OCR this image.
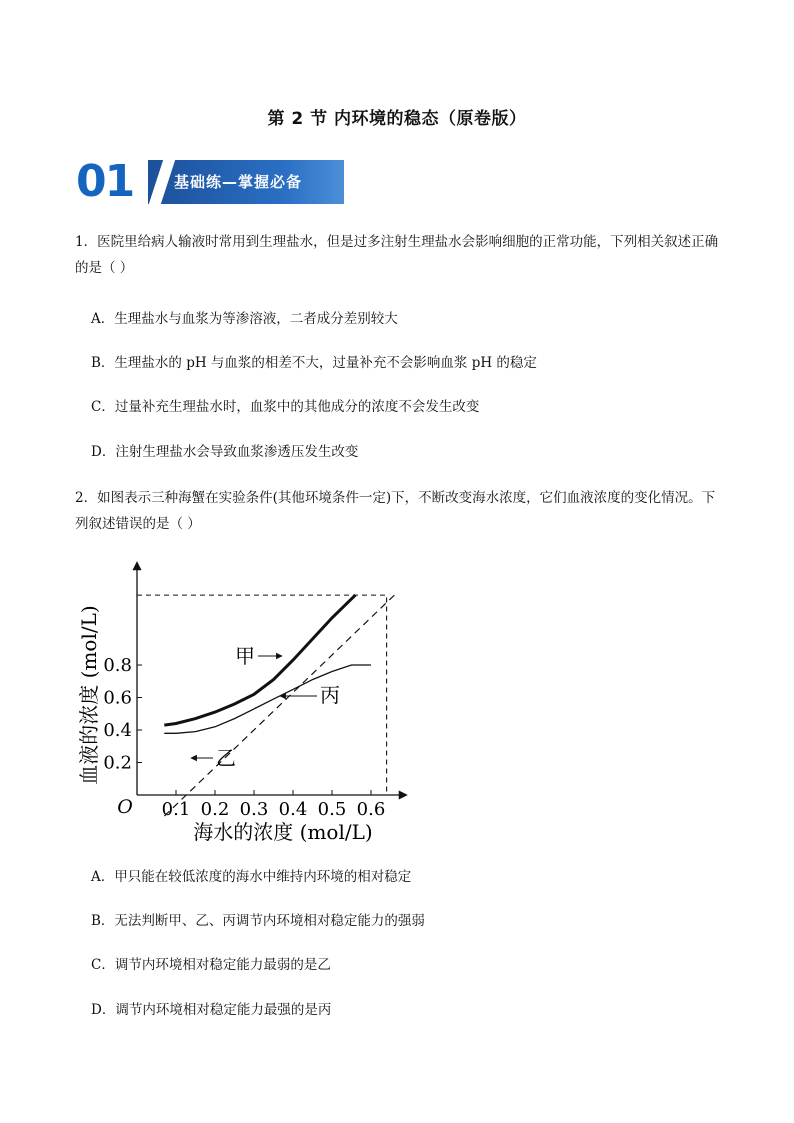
第 2 节 内环境的稳态（原卷版）
01	基础练—掌握必备
1．医院里给病人输液时常用到生理盐水，但是过多注射生理盐水会影响细胞的正常功能，下列相关叙述正确的是（ ）
A．生理盐水与血浆为等渗溶液，二者成分差别较大
B．生理盐水的 pH 与血浆的相差不大，过量补充不会影响血浆 pH 的稳定
C．过量补充生理盐水时，血浆中的其他成分的浓度不会发生改变
D．注射生理盐水会导致血浆渗透压发生改变
2．如图表示三种海蟹在实验条件(其他环境条件一定)下，不断改变海水浓度，它们血液浓度的变化情况。下列叙述错误的是（ ）
0.1 0.2 0.3 0.4 0.5 0.6
0.2
0.4
0.6
0.8
O
海水的浓度 (mol/L)
血液的浓度 (mol/L)	甲
丙
乙
A．甲只能在较低浓度的海水中维持内环境的相对稳定
B．无法判断甲、乙、丙调节内环境相对稳定能力的强弱
C．调节内环境相对稳定能力最弱的是乙
D．调节内环境相对稳定能力最强的是丙
